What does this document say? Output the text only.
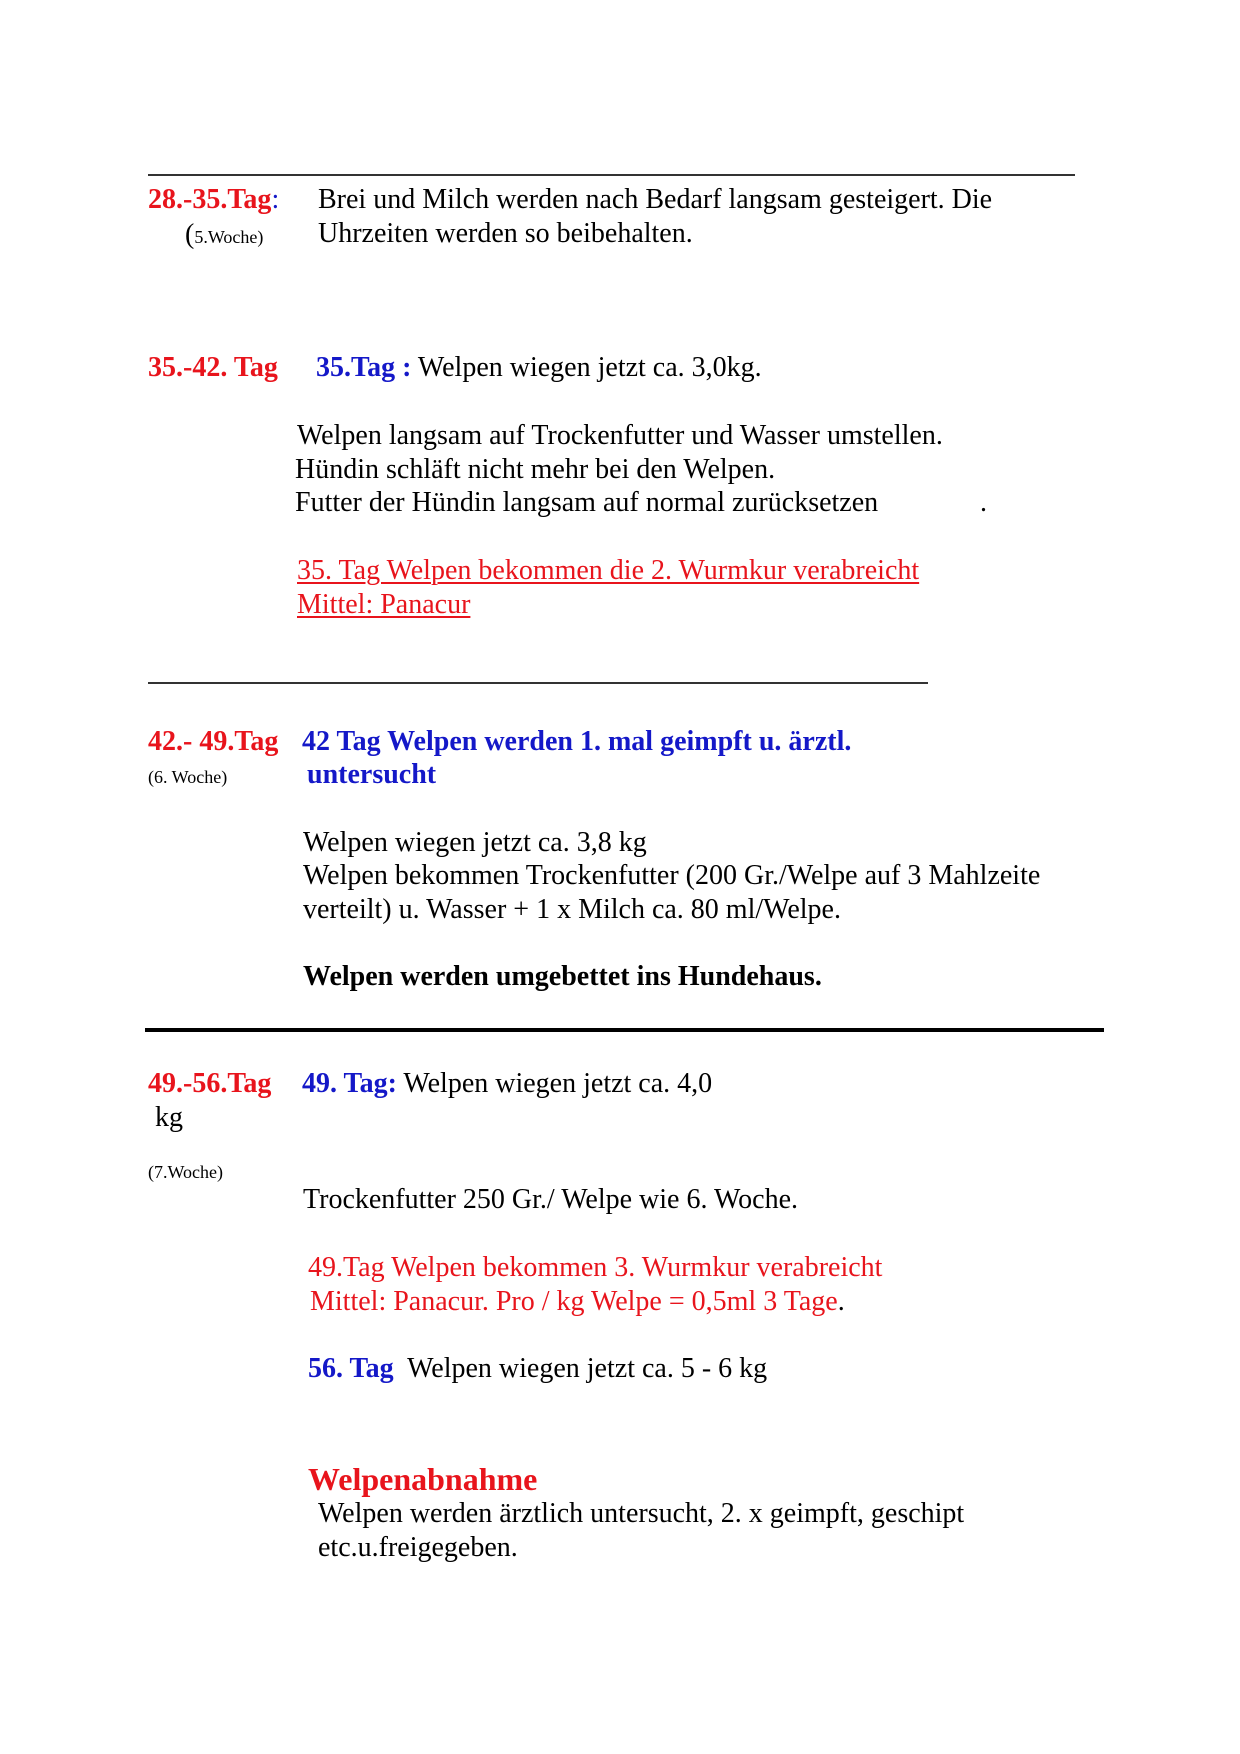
28.-35.Tag:
(5.Woche)
Brei und Milch werden nach Bedarf langsam gesteigert. Die
Uhrzeiten werden so beibehalten.
35.-42. Tag 35.Tag : Welpen wiegen jetzt ca. 3,0kg.
Welpen langsam auf Trockenfutter und Wasser umstellen.
Hündin schläft nicht mehr bei den Welpen.
Futter der Hündin langsam auf normal zurücksetzen	.
35. Tag Welpen bekommen die 2. Wurmkur verabreicht
Mittel: Panacur
42.- 49.Tag
(6. Woche)
42 Tag Welpen werden 1. mal geimpft u. ärztl.
untersucht
Welpen wiegen jetzt ca. 3,8 kg
Welpen bekommen Trockenfutter (200 Gr./Welpe auf 3 Mahlzeite
verteilt) u. Wasser + 1 x Milch ca. 80 ml/Welpe.
Welpen werden umgebettet ins Hundehaus.
49.-56.Tag 49. Tag: Welpen wiegen jetzt ca. 4,0
kg
(7.Woche)
Trockenfutter 250 Gr./ Welpe wie 6. Woche.
49.Tag Welpen bekommen 3. Wurmkur verabreicht
Mittel: Panacur. Pro / kg Welpe = 0,5ml 3 Tage.
56. Tag  Welpen wiegen jetzt ca. 5 - 6 kg
Welpenabnahme
Welpen werden ärztlich untersucht, 2. x geimpft, geschipt
etc.u.freigegeben.
